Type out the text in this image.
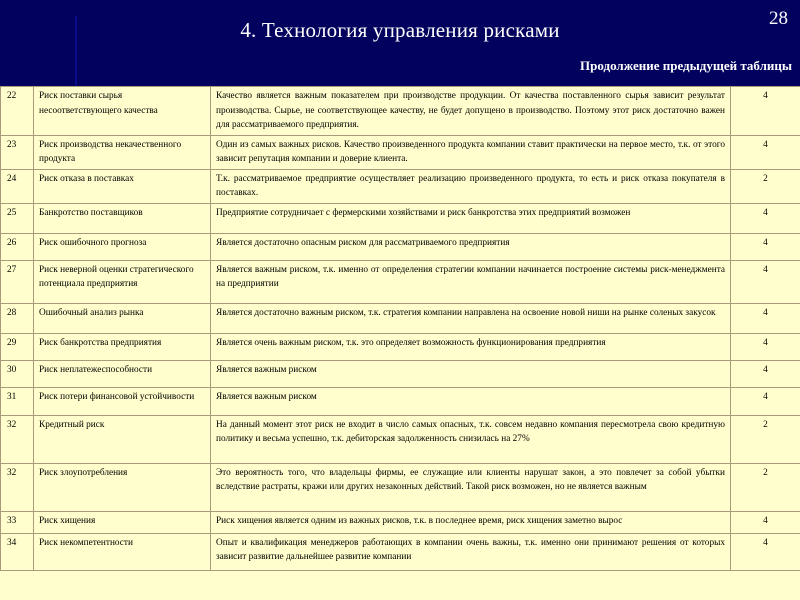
4. Технология управления рисками	28
Продолжение предыдущей таблицы
22	Риск поставки сырья несоответствующего качества	Качество является важным показателем при производстве продукции. От качества поставленного сырья зависит результат производства. Сырье, не соответствующее качеству, не будет допущено в производство. Поэтому этот риск достаточно важен для рассматриваемого предприятия.	4
23	Риск производства некачественного продукта	Один из самых важных рисков. Качество произведенного продукта компании ставит практически на первое место, т.к. от этого зависит репутация компании и доверие клиента.	4
24	Риск отказа в поставках	Т.к. рассматриваемое предприятие осуществляет реализацию произведенного продукта, то есть и риск отказа покупателя в поставках.	2
25	Банкротство поставщиков	Предприятие сотрудничает с фермерскими хозяйствами и риск банкротства этих предприятий возможен	4
26	Риск ошибочного прогноза	Является достаточно опасным риском для рассматриваемого предприятия	4
27	Риск неверной оценки стратегического потенциала предприятия	Является важным риском, т.к. именно от определения стратегии компании начинается построение системы риск-менеджмента на предприятии	4
28	Ошибочный анализ рынка	Является достаточно важным риском, т.к. стратегия компании направлена на освоение новой ниши на рынке соленых закусок	4
29	Риск банкротства предприятия	Является очень важным риском, т.к. это определяет возможность функционирования предприятия	4
30	Риск неплатежеспособности	Является важным риском	4
31	Риск потери финансовой устойчивости	Является важным риском	4
32	Кредитный риск	На данный момент этот риск не входит в число самых опасных, т.к. совсем недавно компания пересмотрела свою кредитную политику и весьма успешно, т.к. дебиторская задолженность снизилась на 27%	2
32	Риск злоупотребления	Это вероятность того, что владельцы фирмы, ее служащие или клиенты нарушат закон, а это повлечет за собой убытки вследствие растраты, кражи или других незаконных действий. Такой риск возможен, но не является важным	2
33	Риск хищения	Риск хищения является одним из важных рисков, т.к. в последнее время, риск хищения заметно вырос	4
34	Риск некомпетентности	Опыт и квалификация менеджеров работающих в компании очень важны, т.к. именно они принимают решения от которых зависит развитие дальнейшее развитие компании	4
